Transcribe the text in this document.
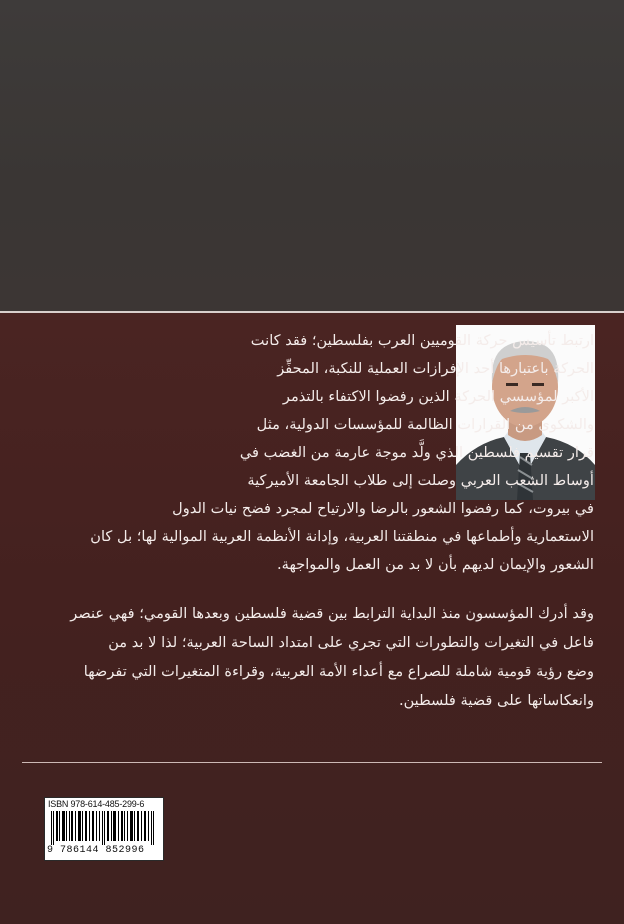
ارتبط تأسيس حركة القوميين العرب بفلسطين؛ فقد كانت
الحركة باعتبارها أحد الإفرازات العملية للنكبة، المحفِّز
الأكبر لمؤسسي الحركة الذين رفضوا الاكتفاء بالتذمر
والشكوى من القرارات الظالمة للمؤسسات الدولية، مثل
قرار تقسيم فلسطين الذي ولَّد موجة عارمة من الغضب في
أوساط الشعب العربي وصلت إلى طلاب الجامعة الأميركية
في بيروت، كما رفضوا الشعور بالرضا والارتياح لمجرد فضح نيات الدول
الاستعمارية وأطماعها في منطقتنا العربية، وإدانة الأنظمة العربية الموالية لها؛ بل كان
الشعور والإيمان لديهم بأن لا بد من العمل والمواجهة.
وقد أدرك المؤسسون منذ البداية الترابط بين قضية فلسطين وبعدها القومي؛ فهي عنصر
فاعل في التغيرات والتطورات التي تجري على امتداد الساحة العربية؛ لذا لا بد من
وضع رؤية قومية شاملة للصراع مع أعداء الأمة العربية، وقراءة المتغيرات التي تفرضها
وانعكاساتها على قضية فلسطين.
ISBN 978-614-485-299-6
9 786144 852996
